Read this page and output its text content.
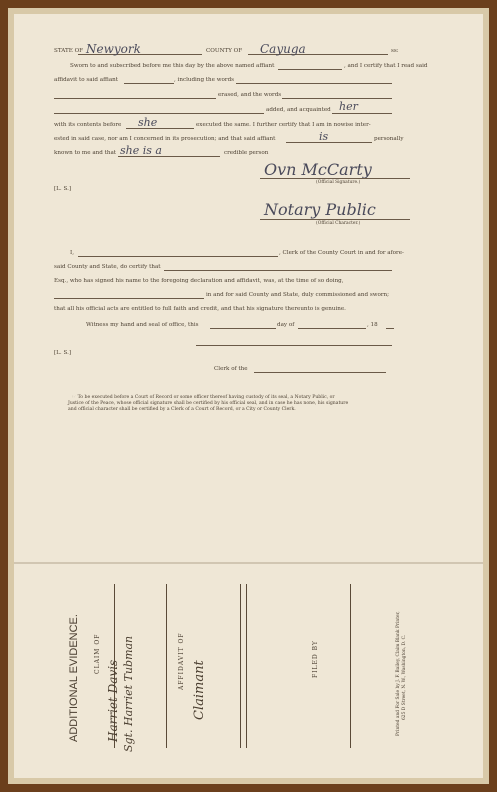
STATE OF Newyork	COUNTY OF Cayuga	ss:
Sworn to and subscribed before me this day by the above named affiant	, and I certify that I read said
affidavit to said affiant	, including the words
erased, and the words
added, and acquainted her
with its contents before she	executed the same. I further certify that I am in nowise inter-
ested in said case, nor am I concerned in its prosecution; and that said affiant	is	personally
known to me and that she is a	credible person
[L. S.]
Ovn McCarty
(Official Signature.)
Notary Public
(Official Character.)
I,	, Clerk of the County Court in and for afore-
said County and State, do certify that
Esq., who has signed his name to the foregoing declaration and affidavit, was, at the time of so doing,
in and for said County and State, duly commissioned and sworn;
that all his official acts are entitled to full faith and credit, and that his signature thereunto is genuine.
Witness my hand and seal of office, this	day of	, 18
[L. S.]
Clerk of the
☞ To be executed before a Court of Record or some officer thereof having custody of its seal, a Notary Public, or
Justice of the Peace, whose official signature shall be certified by his official seal, and in case he has none, his signature
and official character shall be certified by a Clerk of a Court of Record, or a City or County Clerk.
ADDITIONAL EVIDENCE. CLAIM OF
Harriet Davis Sgt. Harriet Tubman	AFFIDAVIT OF Claimant
FILED BY	Printed and For Sale by J. F. Bailey, Claim Blank Printer, 625 D Street, N. W., Washington, D. C.
